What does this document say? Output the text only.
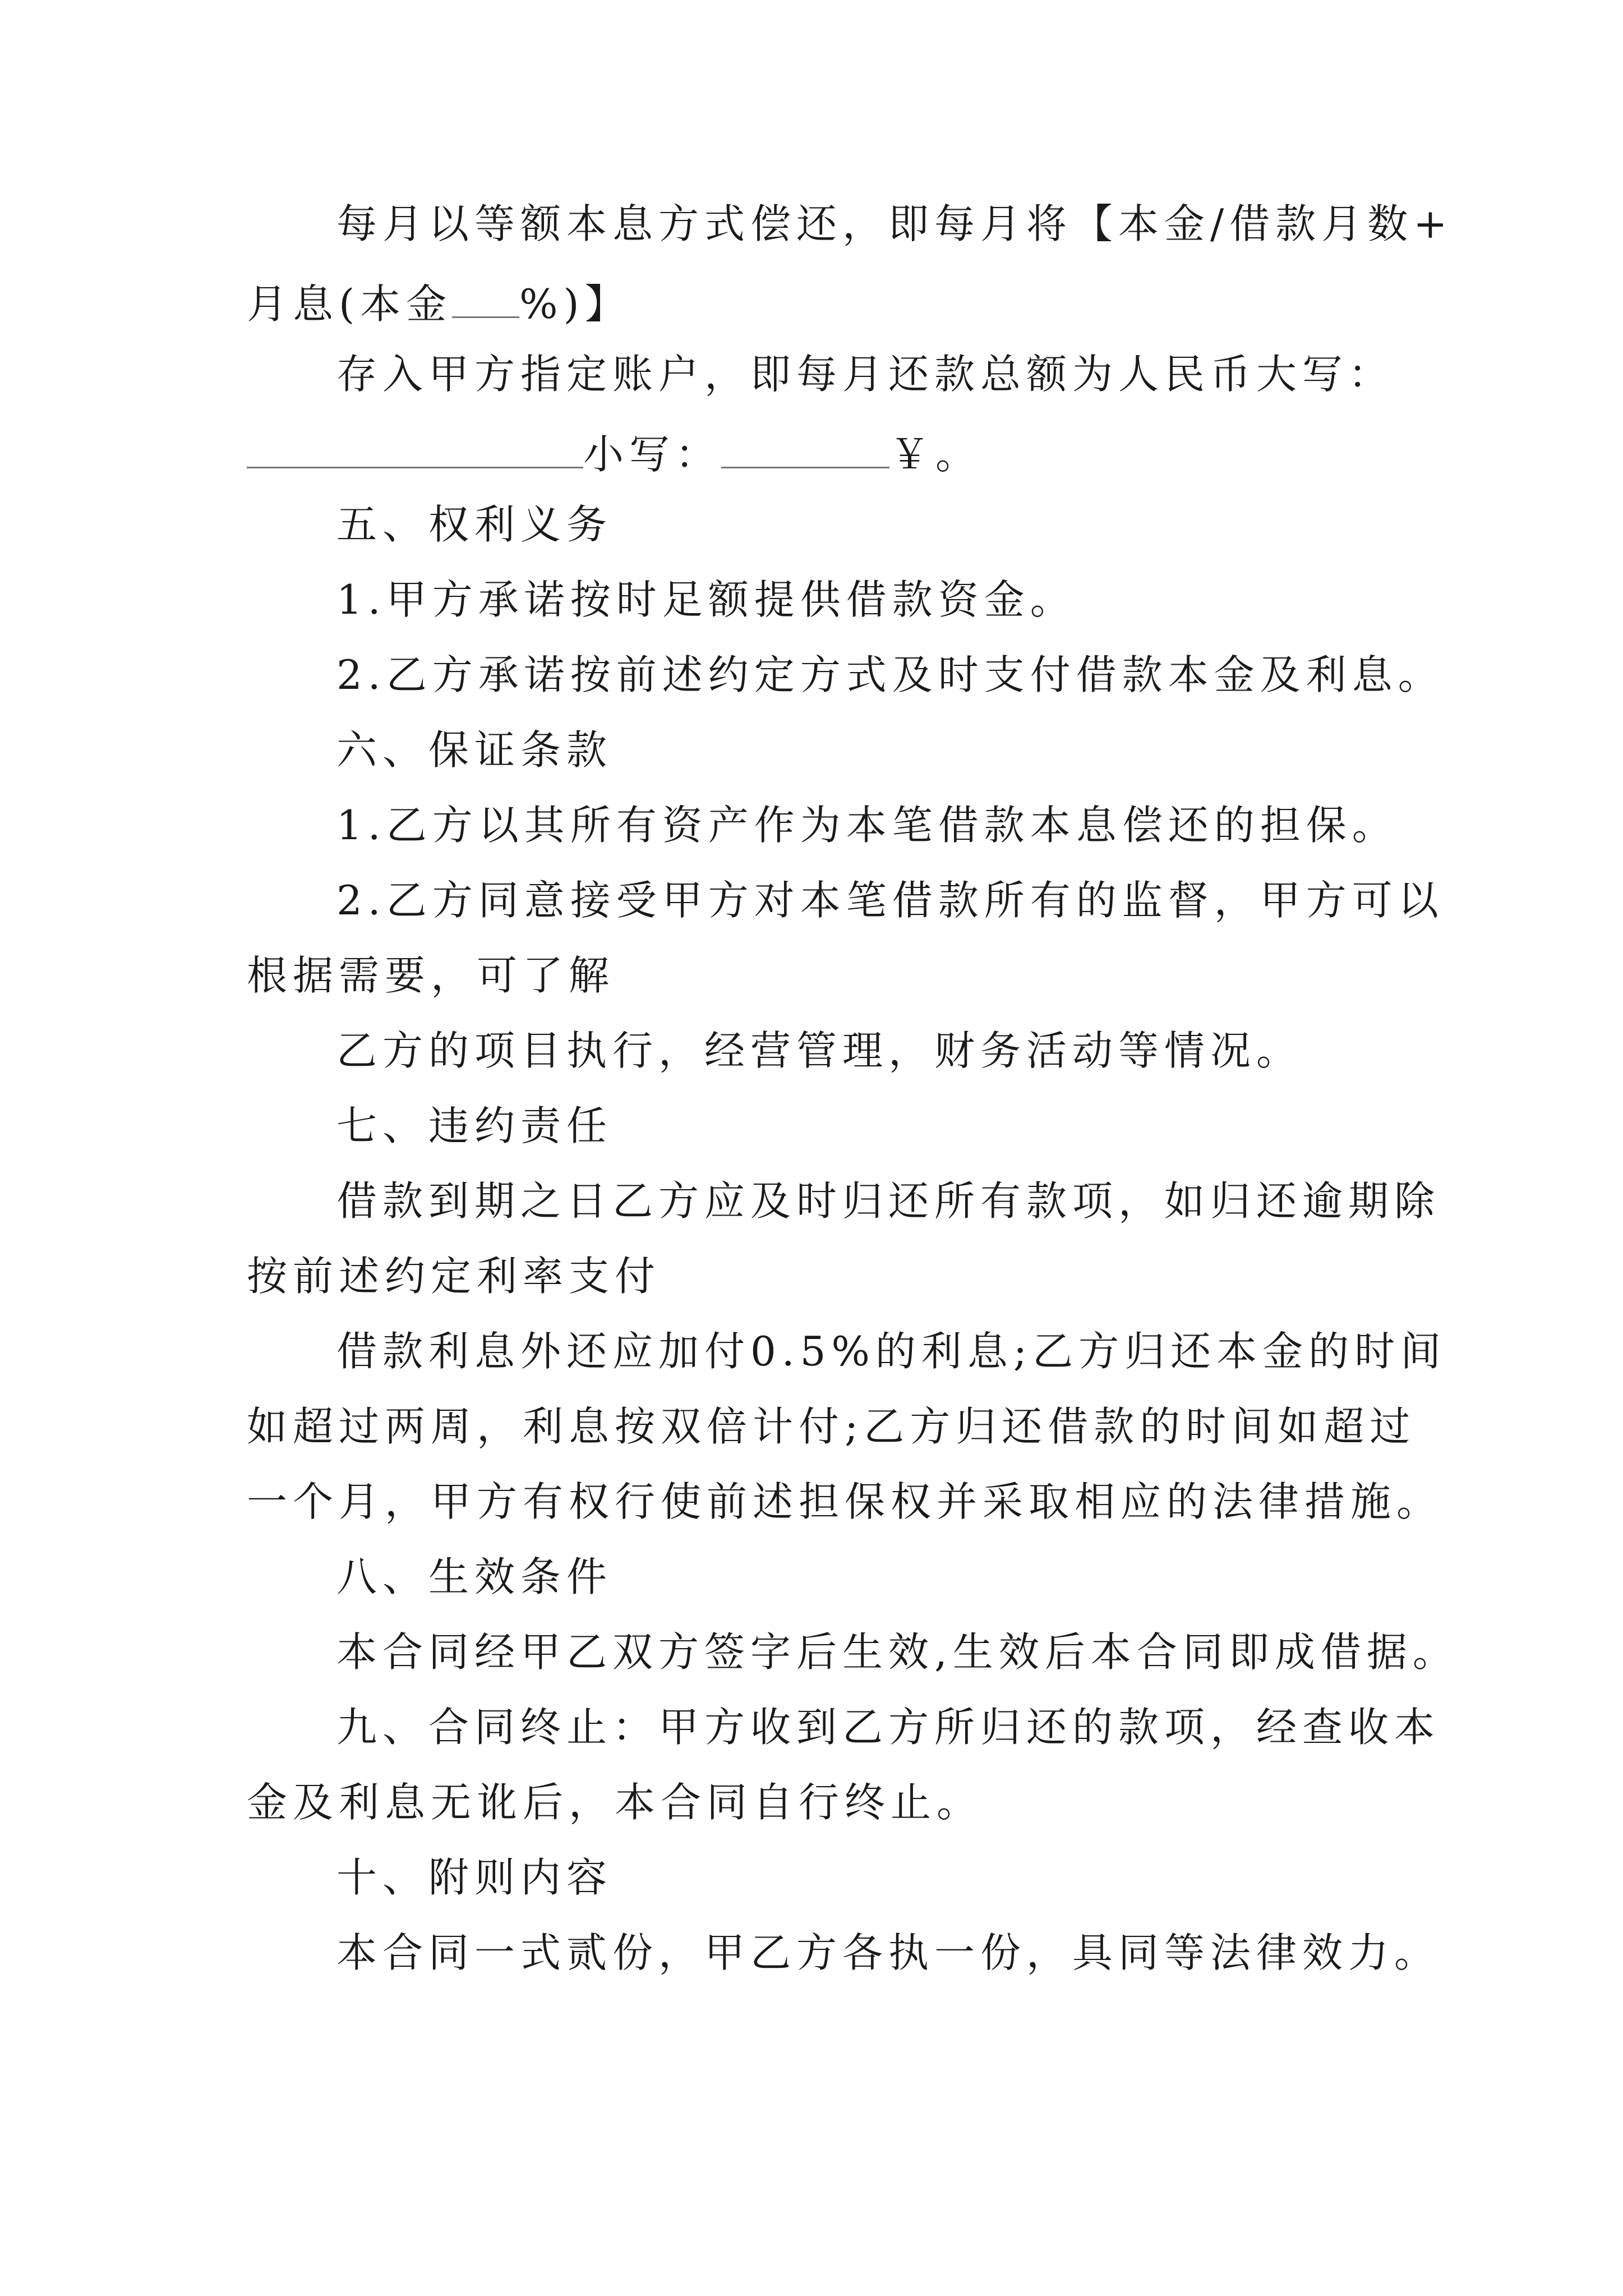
每月以等额本息方式偿还，即每月将【本金/借款月数+
月息(本金 %)】
存入甲方指定账户，即每月还款总额为人民币大写：
小写：	￥。
五、权利义务
1.甲方承诺按时足额提供借款资金。
2.乙方承诺按前述约定方式及时支付借款本金及利息。
六、保证条款
1.乙方以其所有资产作为本笔借款本息偿还的担保。
2.乙方同意接受甲方对本笔借款所有的监督，甲方可以
根据需要，可了解
乙方的项目执行，经营管理，财务活动等情况。
七、违约责任
借款到期之日乙方应及时归还所有款项，如归还逾期除
按前述约定利率支付
借款利息外还应加付0.5%的利息;乙方归还本金的时间
如超过两周，利息按双倍计付;乙方归还借款的时间如超过
一个月，甲方有权行使前述担保权并采取相应的法律措施。
八、生效条件
本合同经甲乙双方签字后生效,生效后本合同即成借据。
九、合同终止：甲方收到乙方所归还的款项，经查收本
金及利息无讹后，本合同自行终止。
十、附则内容
本合同一式贰份，甲乙方各执一份，具同等法律效力。
